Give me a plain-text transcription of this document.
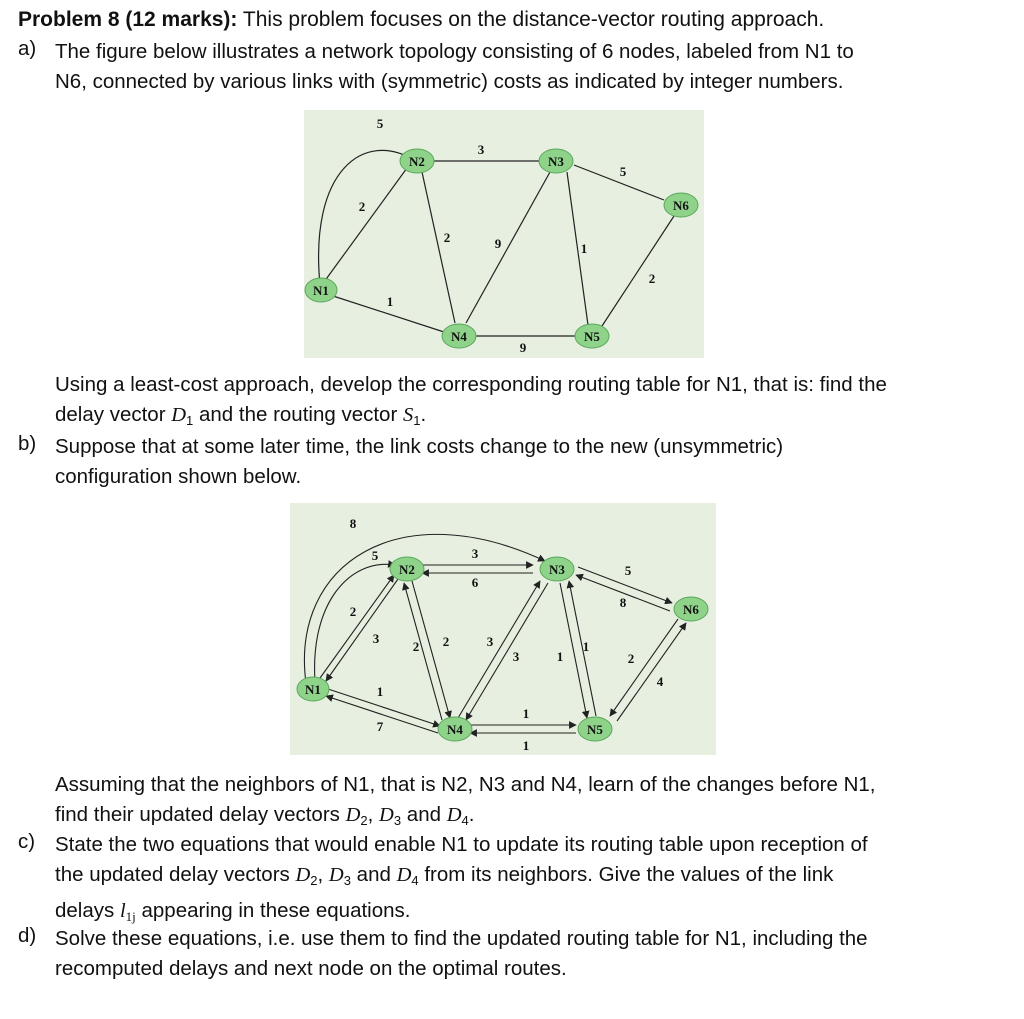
Problem 8 (12 marks): This problem focuses on the distance-vector routing approach.
a) The figure below illustrates a network topology consisting of 6 nodes, labeled from N1 to
N6, connected by various links with (symmetric) costs as indicated by integer numbers.
N1
N2	N3
N4	N5
N6
5
2
1
3
2	9	1
5
2
9
Using a least-cost approach, develop the corresponding routing table for N1, that is: find the
delay vector $D_1$ and the routing vector $S_1$.
b) Suppose that at some later time, the link costs change to the new (unsymmetric)
configuration shown below.
N1
N2	N3
N4	N5
N6
8
5
2
3
1
7
3
6
2 2	3
3	1
1
5
8
2
4
1
1
Assuming that the neighbors of N1, that is N2, N3 and N4, learn of the changes before N1,
find their updated delay vectors $D_2$, $D_3$ and $D_4$.
c) State the two equations that would enable N1 to update its routing table upon reception of
the updated delay vectors $D_2$, $D_3$ and $D_4$ from its neighbors. Give the values of the link
delays $l_{1j}$ appearing in these equations.
d) Solve these equations, i.e. use them to find the updated routing table for N1, including the
recomputed delays and next node on the optimal routes.
